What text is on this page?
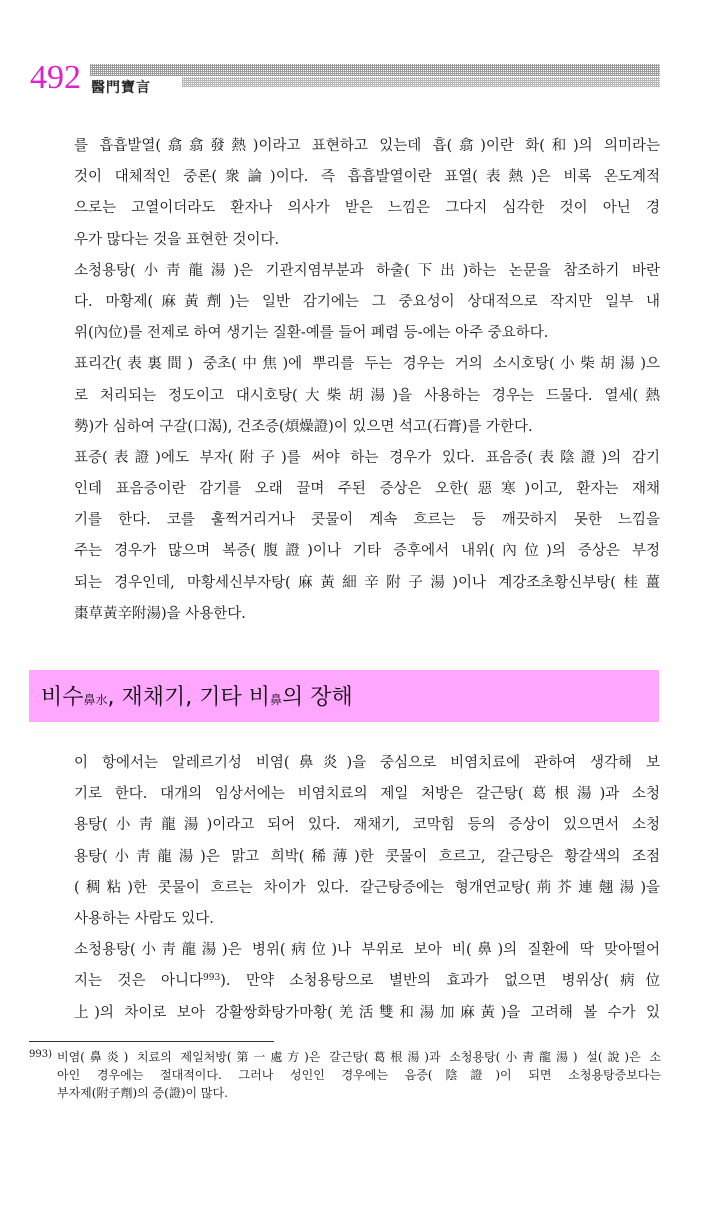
492 醫門寶言
를 흡흡발열(翕翕發熱)이라고 표현하고 있는데 흡(翕)이란 화(和)의 의미라는
것이 대체적인 중론(衆論)이다. 즉 흡흡발열이란 표열(表熱)은 비록 온도계적
으로는 고열이더라도 환자나 의사가 받은 느낌은 그다지 심각한 것이 아닌 경
우가 많다는 것을 표현한 것이다.
소청용탕(小靑龍湯)은 기관지염부분과 하출(下出)하는 논문을 참조하기 바란
다. 마황제(麻黃劑)는 일반 감기에는 그 중요성이 상대적으로 작지만 일부 내
위(內位)를 전제로 하여 생기는 질환-예를 들어 폐렴 등-에는 아주 중요하다.
표리간(表裏間) 중초(中焦)에 뿌리를 두는 경우는 거의 소시호탕(小柴胡湯)으
로 처리되는 정도이고 대시호탕(大柴胡湯)을 사용하는 경우는 드물다. 열세(熱
勢)가 심하여 구갈(口渴), 건조증(煩燥證)이 있으면 석고(石膏)를 가한다.
표증(表證)에도 부자(附子)를 써야 하는 경우가 있다. 표음증(表陰證)의 감기
인데 표음증이란 감기를 오래 끌며 주된 증상은 오한(惡寒)이고, 환자는 재채
기를 한다. 코를 훌쩍거리거나 콧물이 계속 흐르는 등 깨끗하지 못한 느낌을
주는 경우가 많으며 복증(腹證)이나 기타 증후에서 내위(內位)의 증상은 부정
되는 경우인데, 마황세신부자탕(麻黃細辛附子湯)이나 계강조초황신부탕(桂薑
棗草黃辛附湯)을 사용한다.
비수鼻水, 재채기, 기타 비鼻의 장해
이 항에서는 알레르기성 비염(鼻炎)을 중심으로 비염치료에 관하여 생각해 보
기로 한다. 대개의 임상서에는 비염치료의 제일 처방은 갈근탕(葛根湯)과 소청
용탕(小靑龍湯)이라고 되어 있다. 재채기, 코막힘 등의 증상이 있으면서 소청
용탕(小靑龍湯)은 맑고 희박(稀薄)한 콧물이 흐르고, 갈근탕은 황갈색의 조점
(稠粘)한 콧물이 흐르는 차이가 있다. 갈근탕증에는 형개연교탕(荊芥連翹湯)을
사용하는 사람도 있다.
소청용탕(小靑龍湯)은 병위(病位)나 부위로 보아 비(鼻)의 질환에 딱 맞아떨어
지는 것은 아니다$^{993}$). 만약 소청용탕으로 별반의 효과가 없으면 병위상(病位
上)의 차이로 보아 강활쌍화탕가마황(羌活雙和湯加麻黃)을 고려해 볼 수가 있
993) 비염(鼻炎) 치료의 제일처방(第一處方)은 갈근탕(葛根湯)과 소청용탕(小靑龍湯) 설(說)은 소
아인 경우에는 절대적이다. 그러나 성인인 경우에는 음증(陰證)이 되면 소청용탕증보다는
부자제(附子劑)의 증(證)이 많다.
